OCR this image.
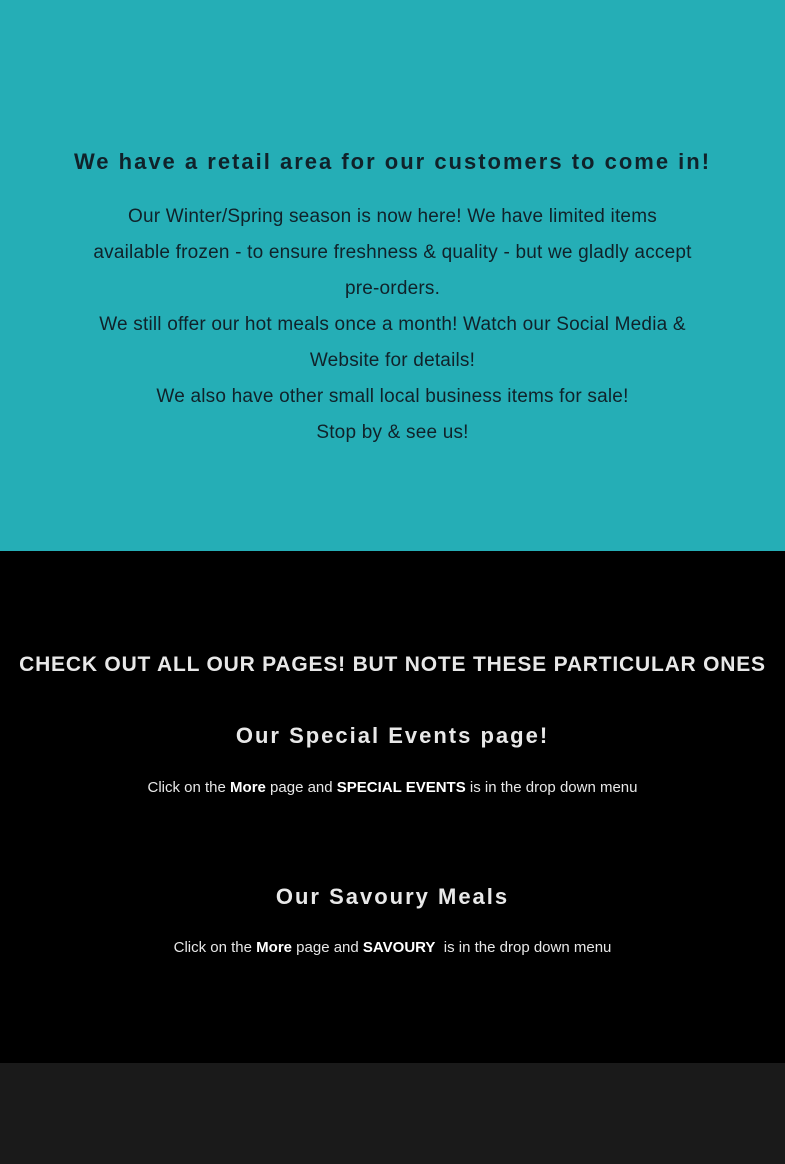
We have a retail area for our customers to come in!

Our Winter/Spring season is now here! We have limited items available frozen - to ensure freshness & quality - but we gladly accept pre-orders.

We still offer our hot meals once a month! Watch our Social Media & Website for details!

We also have other small local business items for sale!

Stop by & see us!

CHECK OUT ALL OUR PAGES! BUT NOTE THESE PARTICULAR ONES
Our Special Events page!

Click on the More page and SPECIAL EVENTS is in the drop down menu

Our Savoury Meals

Click on the More page and SAVOURY  is in the drop down menu
